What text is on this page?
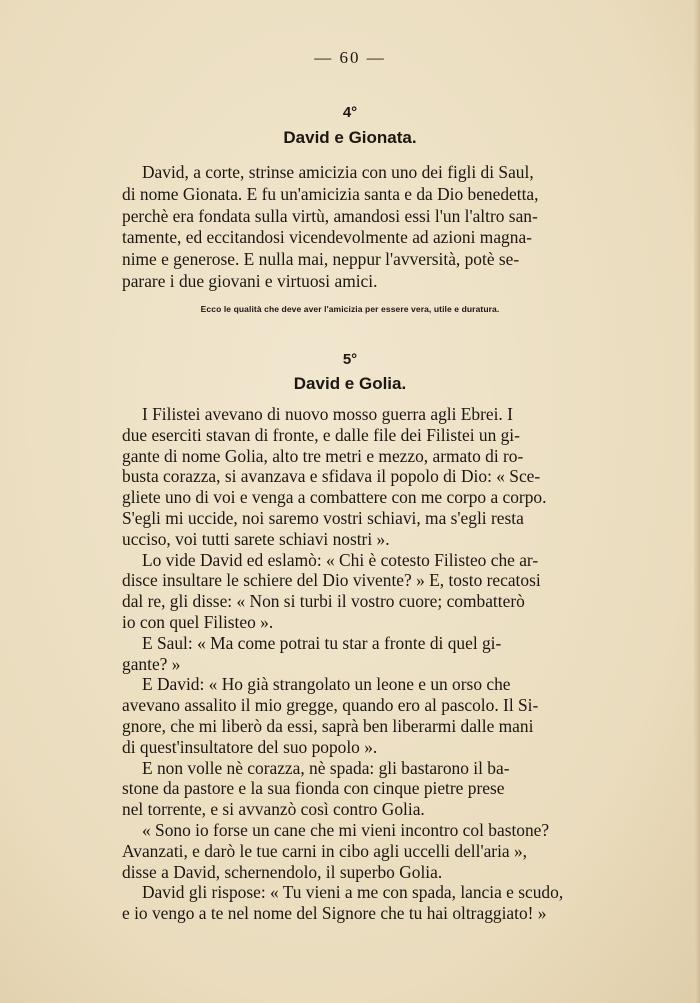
— 60 —
4°
David e Gionata.
David, a corte, strinse amicizia con uno dei figli di Saul,
di nome Gionata. E fu un'amicizia santa e da Dio benedetta,
perchè era fondata sulla virtù, amandosi essi l'un l'altro san-
tamente, ed eccitandosi vicendevolmente ad azioni magna-
nime e generose. E nulla mai, neppur l'avversità, potè se-
parare i due giovani e virtuosi amici.
Ecco le qualità che deve aver l'amicizia per essere vera, utile e duratura.
5°
David e Golia.
I Filistei avevano di nuovo mosso guerra agli Ebrei. I
due eserciti stavan di fronte, e dalle file dei Filistei un gi-
gante di nome Golia, alto tre metri e mezzo, armato di ro-
busta corazza, si avanzava e sfidava il popolo di Dio: « Sce-
gliete uno di voi e venga a combattere con me corpo a corpo.
S'egli mi uccide, noi saremo vostri schiavi, ma s'egli resta
ucciso, voi tutti sarete schiavi nostri ».
Lo vide David ed eslamò: « Chi è cotesto Filisteo che ar-
disce insultare le schiere del Dio vivente? » E, tosto recatosi
dal re, gli disse: « Non si turbi il vostro cuore; combatterò
io con quel Filisteo ».
E Saul: « Ma come potrai tu star a fronte di quel gi-
gante? »
E David: « Ho già strangolato un leone e un orso che
avevano assalito il mio gregge, quando ero al pascolo. Il Si-
gnore, che mi liberò da essi, saprà ben liberarmi dalle mani
di quest'insultatore del suo popolo ».
E non volle nè corazza, nè spada: gli bastarono il ba-
stone da pastore e la sua fionda con cinque pietre prese
nel torrente, e si avvanzò così contro Golia.
« Sono io forse un cane che mi vieni incontro col bastone?
Avanzati, e darò le tue carni in cibo agli uccelli dell'aria »,
disse a David, schernendolo, il superbo Golia.
David gli rispose: « Tu vieni a me con spada, lancia e scudo,
e io vengo a te nel nome del Signore che tu hai oltraggiato! »
